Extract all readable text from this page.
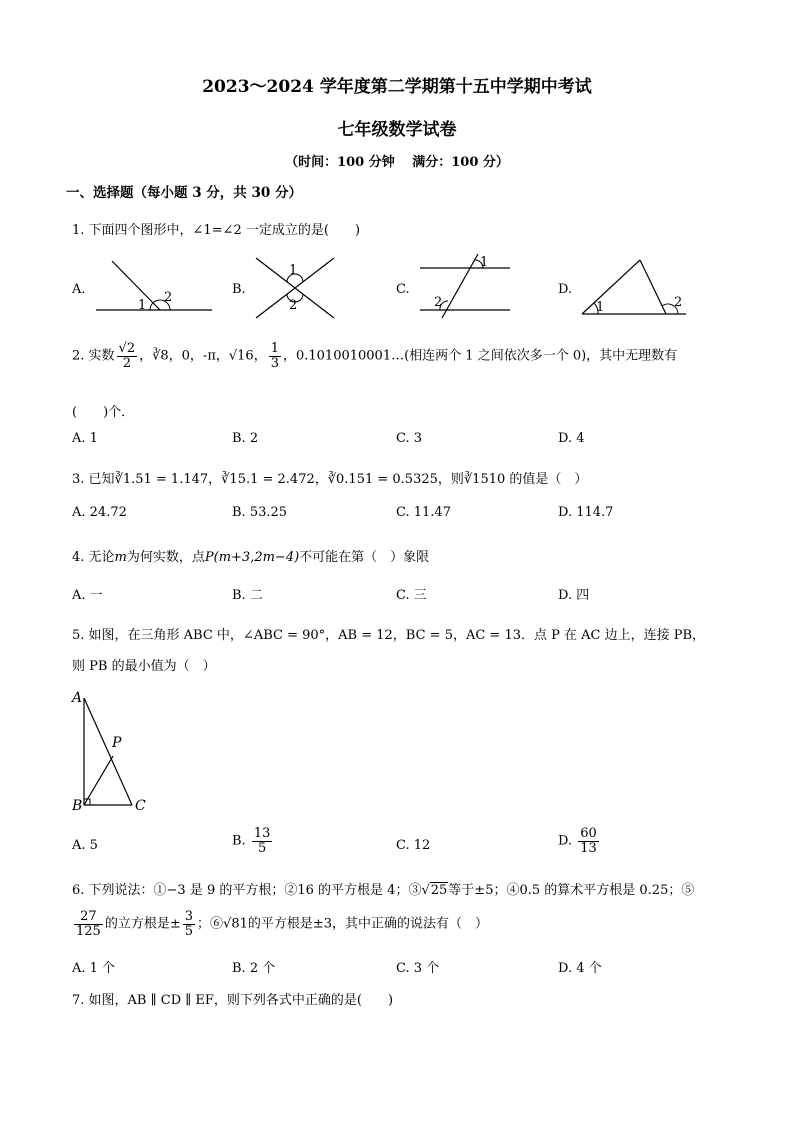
2023～2024 学年度第二学期第十五中学期中考试
七年级数学试卷
（时间：100 分钟　 满分：100 分）
一、选择题（每小题 3 分，共 30 分）
1. 下面四个图形中，∠1=∠2 一定成立的是(　　)
A.	B.	C.	D.
1
2
1
2
1
2	1	2
2. 实数 $\frac{√2}{2}$ ，∛8，0，-π，√16， $\frac{1}{3}$ ，0.1010010001…(相连两个 1 之间依次多一个 0)，其中无理数有
(　　)个．
A. 1	B. 2	C. 3	D. 4
3. 已知∛1.51 = 1.147，∛15.1 = 2.472，∛0.151 = 0.5325，则∛1510 的值是（　）
A. 24.72	B. 53.25	C. 11.47	D. 114.7
4. 无论m为何实数，点P(m+3,2m−4)不可能在第（　）象限
A. 一	B. 二	C. 三	D. 四
5. 如图，在三角形 ABC 中，∠ABC = 90°，AB = 12，BC = 5，AC = 13．点 P 在 AC 边上，连接 PB，
则 PB 的最小值为（　）
A
B	C
P
A. 5	B. $\frac{13}{5}$	C. 12	D. $\frac{60}{13}$
6. 下列说法：①−3 是 9 的平方根；②16 的平方根是 4；③√25等于±5；④0.5 的算术平方根是 0.25；⑤
$\frac{27}{125}$ 的立方根是± $\frac{3}{5}$ ；⑥√81的平方根是±3，其中正确的说法有（　）
A. 1 个	B. 2 个	C. 3 个	D. 4 个
7. 如图，AB ∥ CD ∥ EF，则下列各式中正确的是(　　)
